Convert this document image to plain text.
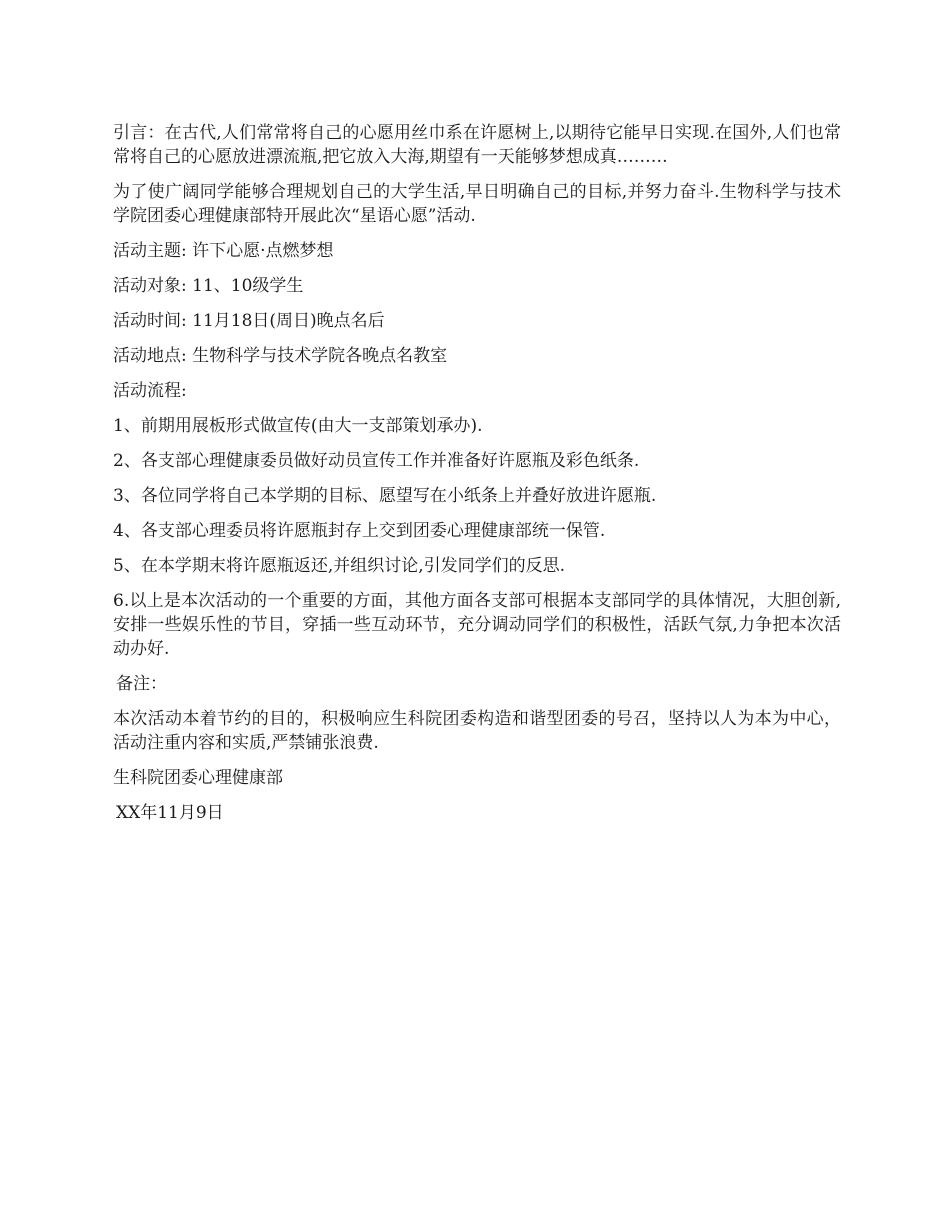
引言：在古代,人们常常将自己的心愿用丝巾系在许愿树上,以期待它能早日实现.在国外,人们也常常将自己的心愿放进漂流瓶,把它放入大海,期望有一天能够梦想成真………

为了使广阔同学能够合理规划自己的大学生活,早日明确自己的目标,并努力奋斗.生物科学与技术学院团委心理健康部特开展此次“星语心愿”活动.

活动主题: 许下心愿·点燃梦想

活动对象: 11、10级学生

活动时间: 11月18日(周日)晚点名后

活动地点: 生物科学与技术学院各晚点名教室

活动流程:

1、前期用展板形式做宣传(由大一支部策划承办).

2、各支部心理健康委员做好动员宣传工作并准备好许愿瓶及彩色纸条.

3、各位同学将自己本学期的目标、愿望写在小纸条上并叠好放进许愿瓶.

4、各支部心理委员将许愿瓶封存上交到团委心理健康部统一保管.

5、在本学期末将许愿瓶返还,并组织讨论,引发同学们的反思.

6.以上是本次活动的一个重要的方面，其他方面各支部可根据本支部同学的具体情况，大胆创新,安排一些娱乐性的节目，穿插一些互动环节，充分调动同学们的积极性，活跃气氛,力争把本次活动办好.

备注：

本次活动本着节约的目的，积极响应生科院团委构造和谐型团委的号召，坚持以人为本为中心，活动注重内容和实质,严禁铺张浪费.

生科院团委心理健康部

XX年11月9日
